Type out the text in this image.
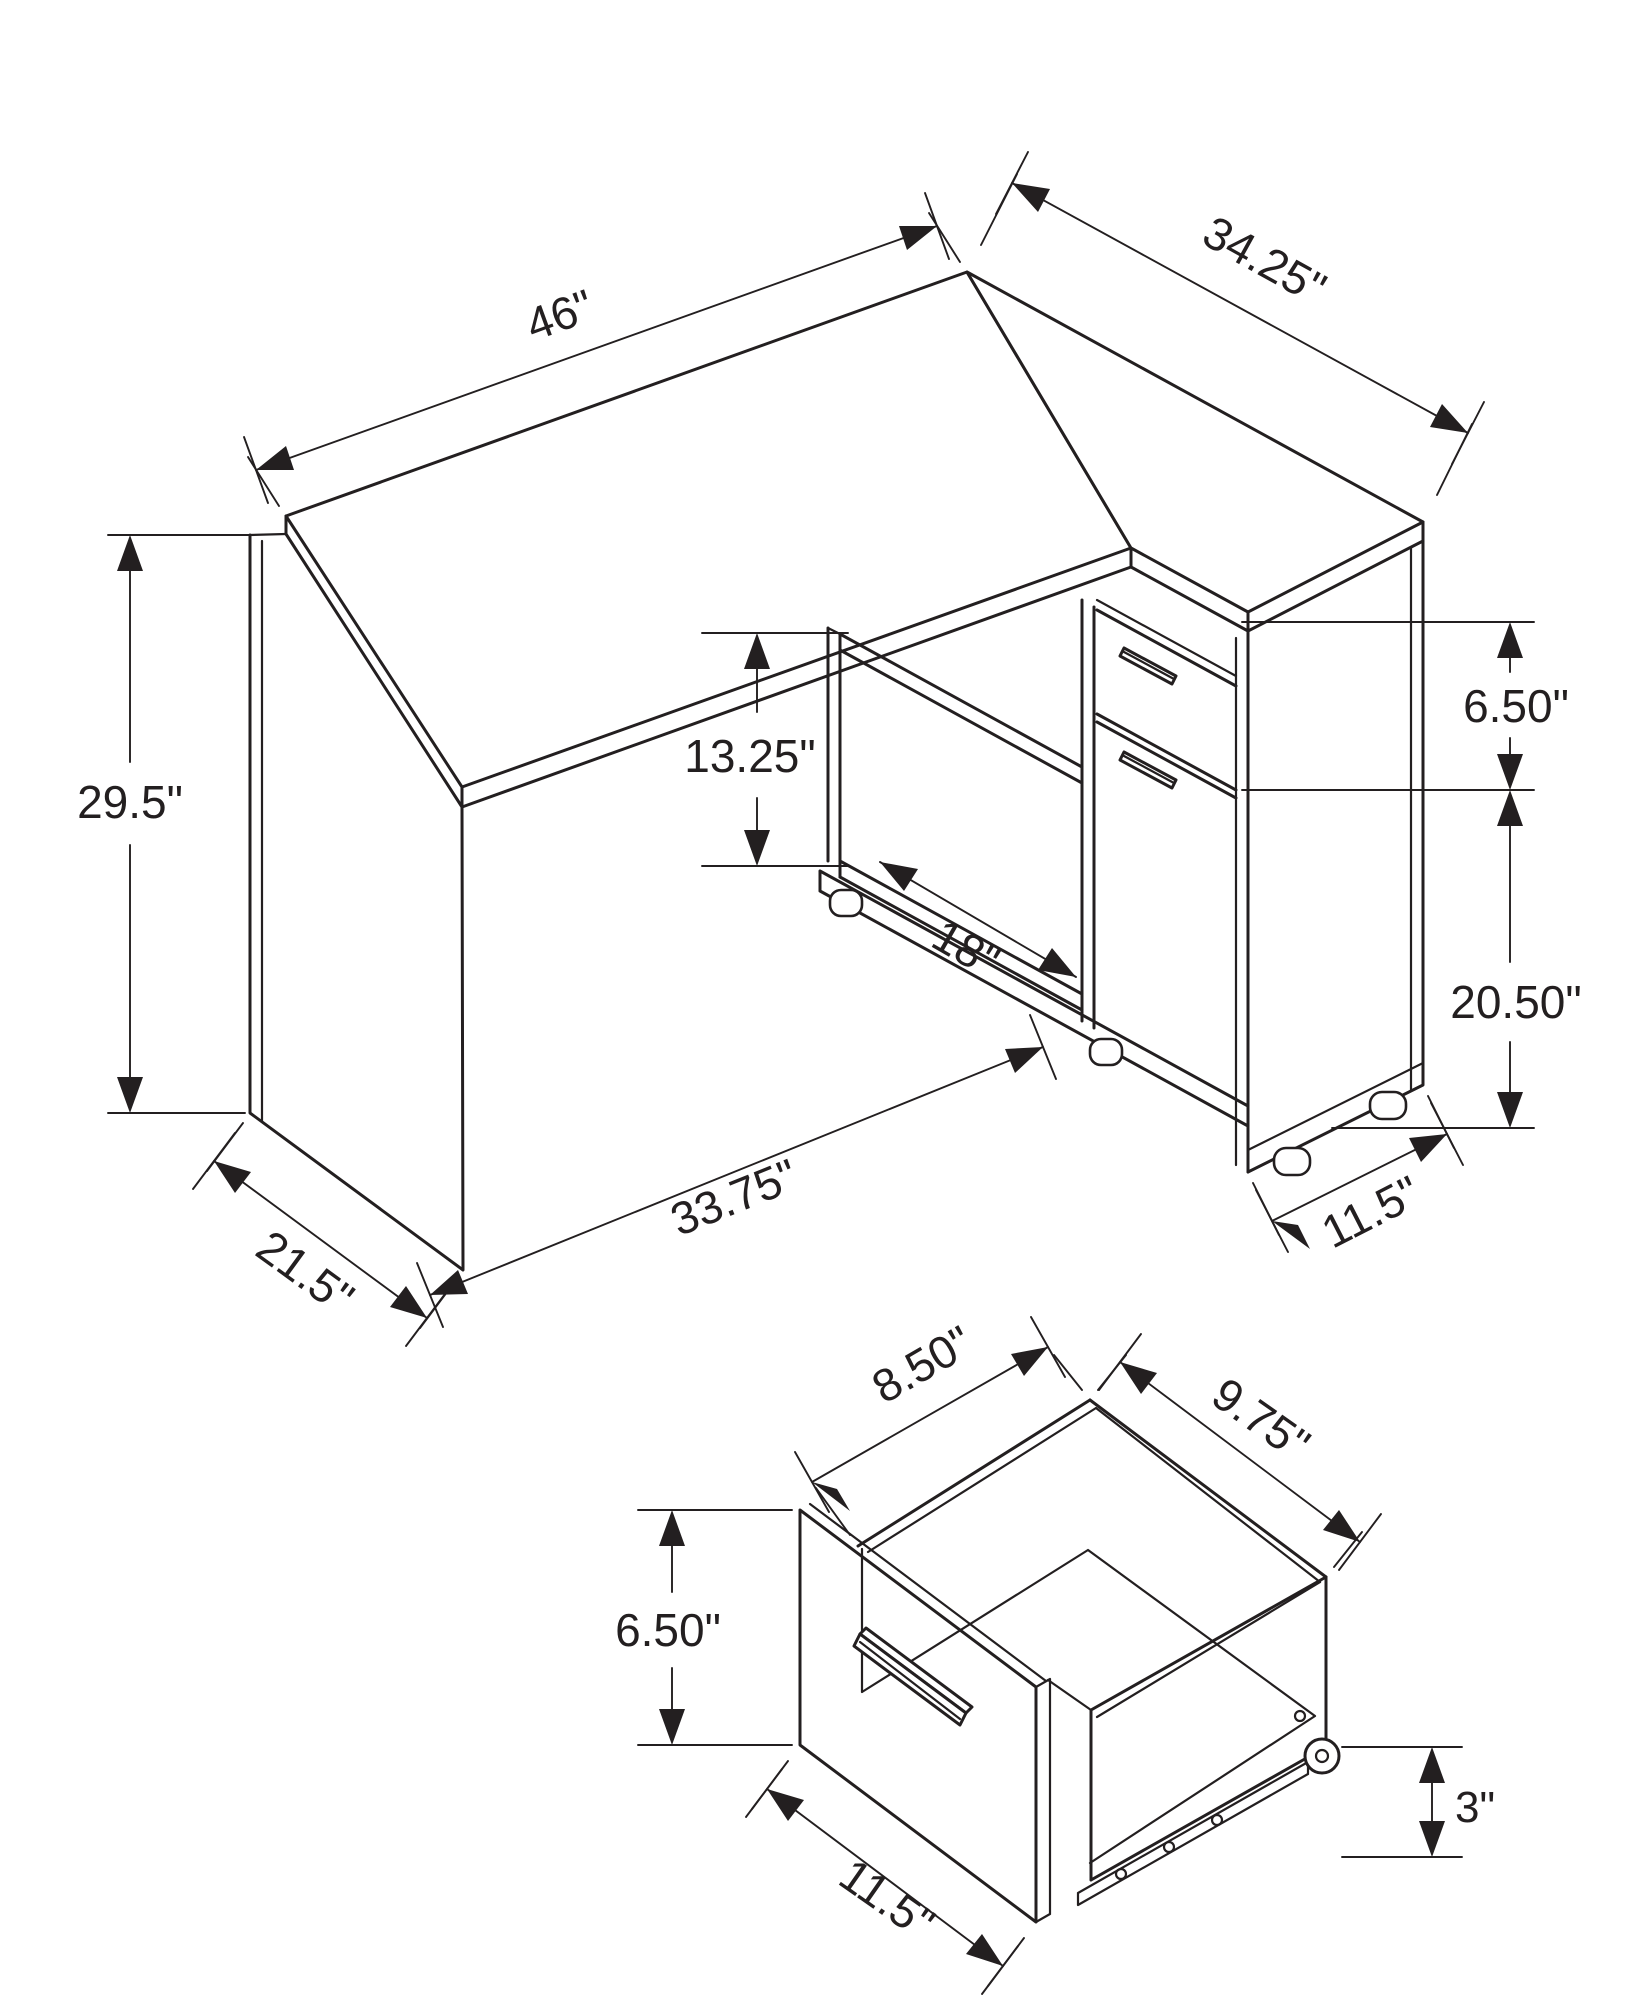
46"
34.25"
29.5"
21.5"
13.25"
18"
6.50"
20.50"
33.75"	11.5"
8.50"
9.75"
6.50"
3"
11.5"
